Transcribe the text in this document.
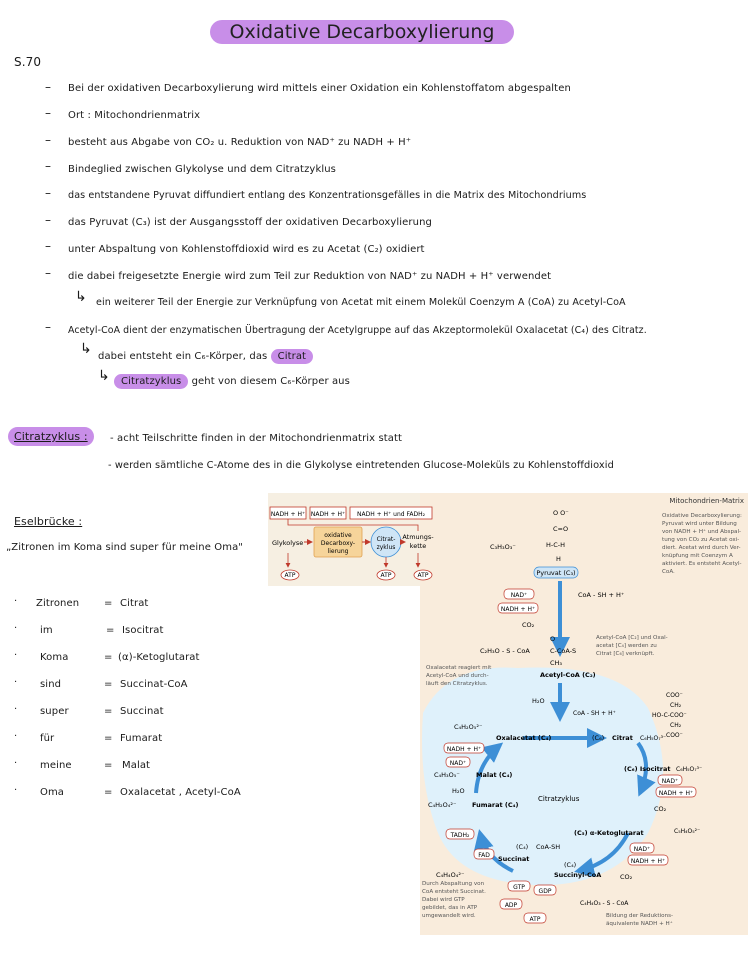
Oxidative Decarboxylierung
S.70
– Bei der oxidativen Decarboxylierung wird mittels einer Oxidation ein Kohlenstoffatom abgespalten
– Ort : Mitochondrienmatrix
– besteht aus Abgabe von CO₂ u. Reduktion von NAD⁺ zu NADH + H⁺
– Bindeglied zwischen Glykolyse und dem Citratzyklus
– das entstandene Pyruvat diffundiert entlang des Konzentrationsgefälles in die Matrix des Mitochondriums
– das Pyruvat (C₃) ist der Ausgangsstoff der oxidativen Decarboxylierung
– unter Abspaltung von Kohlenstoffdioxid wird es zu Acetat (C₂) oxidiert
– die dabei freigesetzte Energie wird zum Teil zur Reduktion von NAD⁺ zu NADH + H⁺ verwendet
↳ ein weiterer Teil der Energie zur Verknüpfung von Acetat mit einem Molekül Coenzym A (CoA) zu Acetyl-CoA
– Acetyl-CoA dient der enzymatischen Übertragung der Acetylgruppe auf das Akzeptormolekül Oxalacetat (C₄) des Citratz.
↳ dabei entsteht ein C₆-Körper, das Citrat
↳	Citratzyklus geht von diesem C₆-Körper aus
Citratzyklus :	- acht Teilschritte finden in der Mitochondrienmatrix statt
- werden sämtliche C-Atome des in die Glykolyse eintretenden Glucose-Moleküls zu Kohlenstoffdioxid
Eselbrücke :
„Zitronen im Koma sind super für meine Oma"
· Zitronen = Citrat
· im	= Isocitrat
· Koma	= (α)-Ketoglutarat
· sind	= Succinat-CoA
· super	= Succinat
· für	= Fumarat
· meine	= Malat
· Oma	= Oxalacetat , Acetyl-CoA
Mitochondrien-Matrix
NADH + H⁺ NADH + H⁺ NADH + H⁺ und FADH₂
Glykolyse
oxidative
Decarboxy-
lierung
Citrat-
zyklus
Atmungs-
kette
ATP	ATP	ATP
C₃H₃O₃⁻
O O⁻
C=O
H-C-H
H
Pyruvat (C₃)
Oxidative Decarboxylierung:
Pyruvat wird unter Bildung
von NADH + H⁺ und Abspal-
tung von CO₂ zu Acetat oxi-
diert. Acetat wird durch Ver-
knüpfung mit Coenzym A
aktiviert. Es entsteht Acetyl-
CoA.
NAD⁺
NADH + H⁺
CoA - SH + H⁺
CO₂
C₂H₃O - S - CoA
O
C-CoA-S
CH₃
Acetyl-CoA (C₂)
Acetyl-CoA [C₂] und Oxal-
acetat [C₄] werden zu
Citrat [C₆] verknüpft.
Oxalacetat reagiert mit
Acetyl-CoA und durch-
läuft den Citratzyklus.
H₂O
CoA - SH + H⁺
C₄H₂O₅²⁻
Oxalacetat (C₄)
NADH + H⁺
NAD⁺
C₄H₃O₅⁻ Malat (C₄)
H₂O
C₄H₂O₄²⁻ Fumarat (C₄)
Citratzyklus
(C₆) Citrat C₆H₅O₇³⁻
COO⁻
CH₂
HO-C-COO⁻
CH₂
COO⁻
(C₆) Isocitrat C₆H₅O₇³⁻
NAD⁺
NADH + H⁺
CO₂
(C₅) α-Ketoglutarat	C₅H₄O₅²⁻
NAD⁺
NADH + H⁺
CO₂
(C₄)
Succinyl-CoA
C₄H₄O₃ - S - CoA
CoA-SH
(C₄)
Succinat
TADH₂
FAD
C₄H₄O₄²⁻
GTP
GDP
ADP
ATP
Durch Abspaltung von
CoA entsteht Succinat.
Dabei wird GTP
gebildet, das in ATP
umgewandelt wird.	Bildung der Reduktions-
äquivalente NADH + H⁺
